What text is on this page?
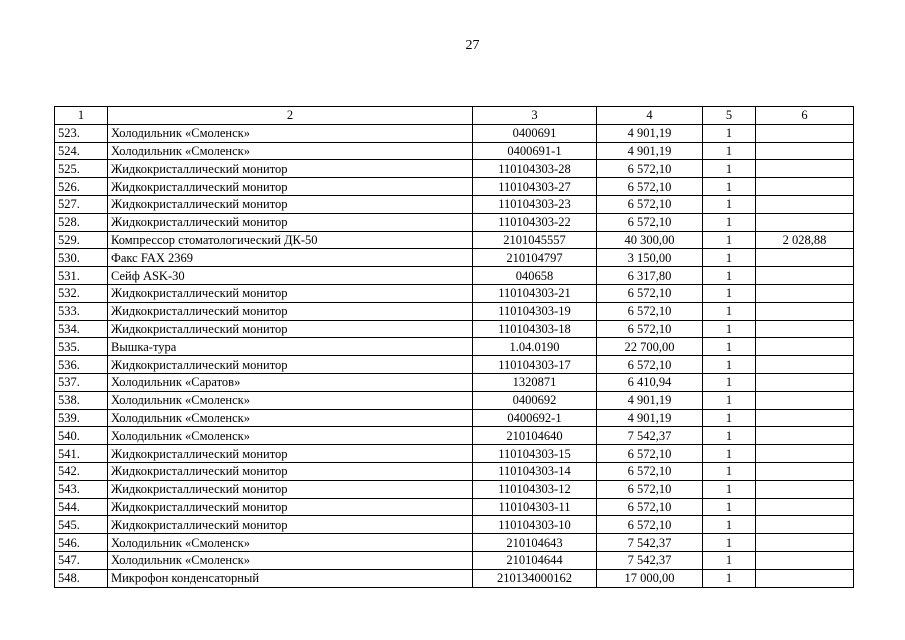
27
1	2	3	4	5	6
523.	Холодильник «Смоленск»	0400691	4 901,19	1	
524.	Холодильник «Смоленск»	0400691-1	4 901,19	1	
525.	Жидкокристаллический монитор	110104303-28	6 572,10	1	
526.	Жидкокристаллический монитор	110104303-27	6 572,10	1	
527.	Жидкокристаллический монитор	110104303-23	6 572,10	1	
528.	Жидкокристаллический монитор	110104303-22	6 572,10	1	
529.	Компрессор стоматологический ДК-50	2101045557	40 300,00	1	2 028,88
530.	Факс FAX 2369	210104797	3 150,00	1	
531.	Сейф ASK-30	040658	6 317,80	1	
532.	Жидкокристаллический монитор	110104303-21	6 572,10	1	
533.	Жидкокристаллический монитор	110104303-19	6 572,10	1	
534.	Жидкокристаллический монитор	110104303-18	6 572,10	1	
535.	Вышка-тура	1.04.0190	22 700,00	1	
536.	Жидкокристаллический монитор	110104303-17	6 572,10	1	
537.	Холодильник «Саратов»	1320871	6 410,94	1	
538.	Холодильник «Смоленск»	0400692	4 901,19	1	
539.	Холодильник «Смоленск»	0400692-1	4 901,19	1	
540.	Холодильник «Смоленск»	210104640	7 542,37	1	
541.	Жидкокристаллический монитор	110104303-15	6 572,10	1	
542.	Жидкокристаллический монитор	110104303-14	6 572,10	1	
543.	Жидкокристаллический монитор	110104303-12	6 572,10	1	
544.	Жидкокристаллический монитор	110104303-11	6 572,10	1	
545.	Жидкокристаллический монитор	110104303-10	6 572,10	1	
546.	Холодильник «Смоленск»	210104643	7 542,37	1	
547.	Холодильник «Смоленск»	210104644	7 542,37	1	
548.	Микрофон конденсаторный	210134000162	17 000,00	1	
